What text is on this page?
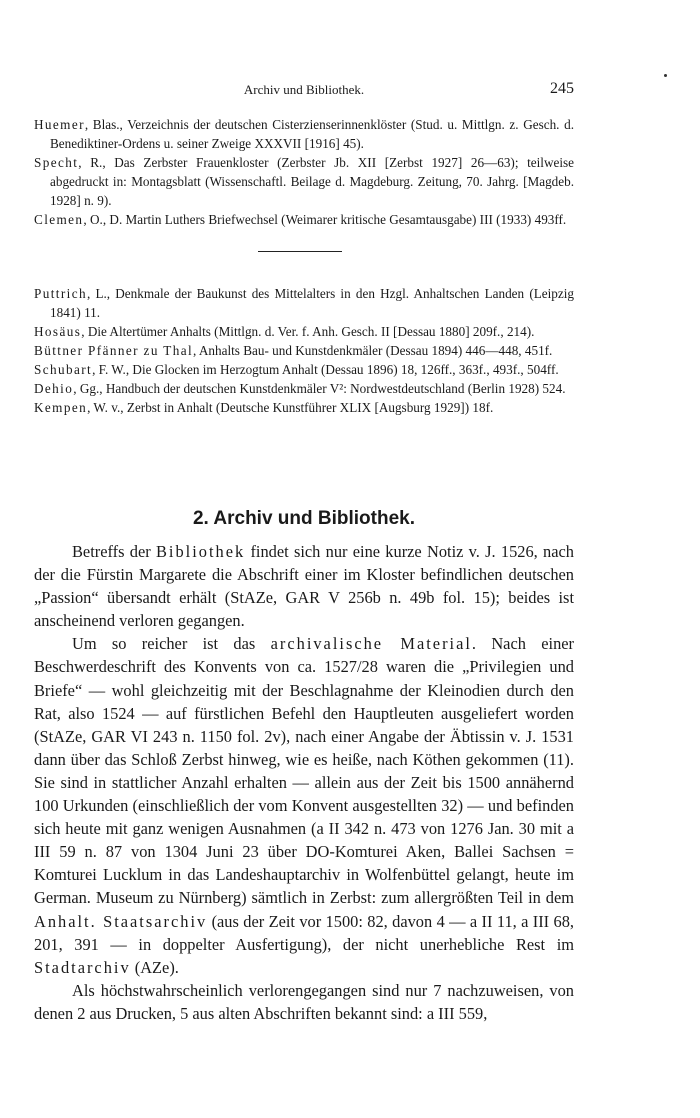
Archiv und Bibliothek.	245

Huemer, Blas., Verzeichnis der deutschen Cisterzienserinnenklöster (Stud. u. Mittlgn. z. Gesch. d. Benediktiner-Ordens u. seiner Zweige XXXVII [1916] 45).

Specht, R., Das Zerbster Frauenkloster (Zerbster Jb. XII [Zerbst 1927] 26—63); teilweise abgedruckt in: Montagsblatt (Wissenschaftl. Beilage d. Magdeburg. Zeitung, 70. Jahrg. [Magdeb. 1928] n. 9).

Clemen, O., D. Martin Luthers Briefwechsel (Weimarer kritische Gesamtausgabe) III (1933) 493ff.

Puttrich, L., Denkmale der Baukunst des Mittelalters in den Hzgl. Anhaltschen Landen (Leipzig 1841) 11.

Hosäus, Die Altertümer Anhalts (Mittlgn. d. Ver. f. Anh. Gesch. II [Dessau 1880] 209f., 214).

Büttner Pfänner zu Thal, Anhalts Bau- und Kunstdenkmäler (Dessau 1894) 446—448, 451f.

Schubart, F. W., Die Glocken im Herzogtum Anhalt (Dessau 1896) 18, 126ff., 363f., 493f., 504ff.

Dehio, Gg., Handbuch der deutschen Kunstdenkmäler V²: Nordwestdeutschland (Berlin 1928) 524.

Kempen, W. v., Zerbst in Anhalt (Deutsche Kunstführer XLIX [Augsburg 1929]) 18f.

2. Archiv und Bibliothek.

Betreffs der Bibliothek findet sich nur eine kurze Notiz v. J. 1526, nach der die Fürstin Margarete die Abschrift einer im Kloster befindlichen deutschen „Passion“ übersandt erhält (StAZe, GAR V 256b n. 49b fol. 15); beides ist anscheinend verloren gegangen.

Um so reicher ist das archivalische Material. Nach einer Beschwerdeschrift des Konvents von ca. 1527/28 waren die „Privilegien und Briefe“ — wohl gleichzeitig mit der Beschlagnahme der Kleinodien durch den Rat, also 1524 — auf fürstlichen Befehl den Hauptleuten ausgeliefert worden (StAZe, GAR VI 243 n. 1150 fol. 2v), nach einer Angabe der Äbtissin v. J. 1531 dann über das Schloß Zerbst hinweg, wie es heiße, nach Köthen gekommen (11). Sie sind in stattlicher Anzahl erhalten — allein aus der Zeit bis 1500 annähernd 100 Urkunden (einschließlich der vom Konvent ausgestellten 32) — und befinden sich heute mit ganz wenigen Ausnahmen (a II 342 n. 473 von 1276 Jan. 30 mit a III 59 n. 87 von 1304 Juni 23 über DO-Komturei Aken, Ballei Sachsen = Komturei Lucklum in das Landeshauptarchiv in Wolfenbüttel gelangt, heute im German. Museum zu Nürnberg) sämtlich in Zerbst: zum allergrößten Teil in dem Anhalt. Staatsarchiv (aus der Zeit vor 1500: 82, davon 4 — a II 11, a III 68, 201, 391 — in doppelter Ausfertigung), der nicht unerhebliche Rest im Stadtarchiv (AZe).

Als höchstwahrscheinlich verlorengegangen sind nur 7 nachzuweisen, von denen 2 aus Drucken, 5 aus alten Abschriften bekannt sind: a III 559,
